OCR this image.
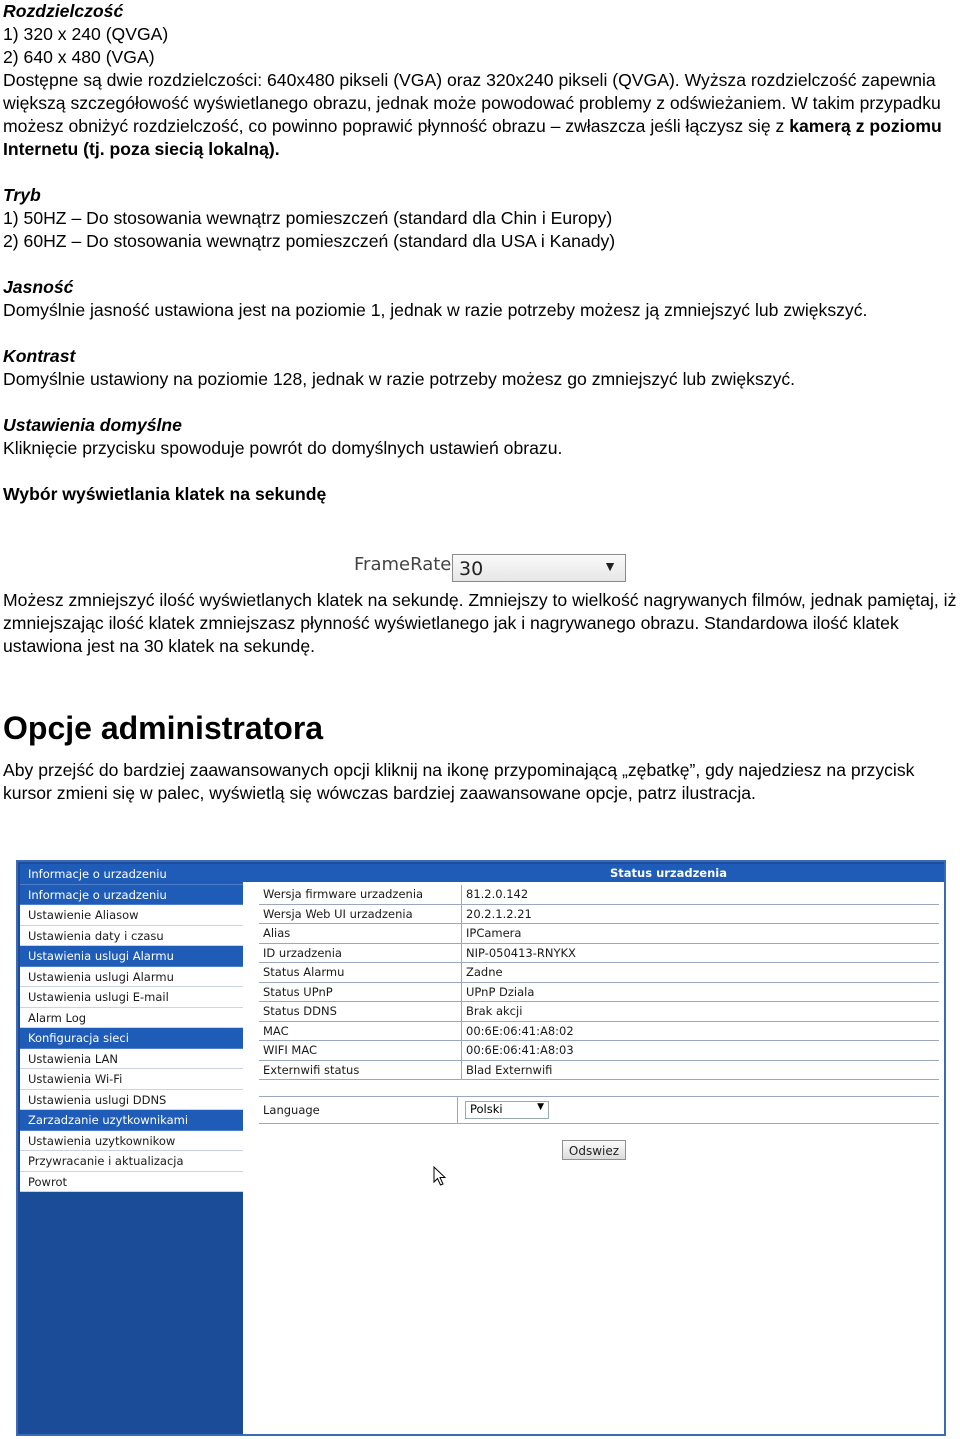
Rozdzielczość

1) 320 x 240 (QVGA)

2) 640 x 480 (VGA)

Dostępne są dwie rozdzielczości: 640x480 pikseli (VGA) oraz 320x240 pikseli (QVGA). Wyższa rozdzielczość zapewnia większą szczegółowość wyświetlanego obrazu, jednak może powodować problemy z odświeżaniem. W takim przypadku możesz obniżyć rozdzielczość, co powinno poprawić płynność obrazu – zwłaszcza jeśli łączysz się z kamerą z poziomu Internetu (tj. poza siecią lokalną).

Tryb

1) 50HZ – Do stosowania wewnątrz pomieszczeń (standard dla Chin i Europy)

2) 60HZ – Do stosowania wewnątrz pomieszczeń (standard dla USA i Kanady)

Jasność

Domyślnie jasność ustawiona jest na poziomie 1, jednak w razie potrzeby możesz ją zmniejszyć lub zwiększyć.

Kontrast

Domyślnie ustawiony na poziomie 128, jednak w razie potrzeby możesz go zmniejszyć lub zwiększyć.

Ustawienia domyślne

Kliknięcie przycisku spowoduje powrót do domyślnych ustawień obrazu.

Wybór wyświetlania klatek na sekundę

Możesz zmniejszyć ilość wyświetlanych klatek na sekundę. Zmniejszy to wielkość nagrywanych filmów, jednak pamiętaj, iż zmniejszając ilość klatek zmniejszasz płynność wyświetlanego jak i nagrywanego obrazu. Standardowa ilość klatek ustawiona jest na 30 klatek na sekundę.

Opcje administratora

Aby przejść do bardziej zaawansowanych opcji kliknij na ikonę przypominającą „zębatkę”, gdy najedziesz na przycisk kursor zmieni się w palec, wyświetlą się wówczas bardziej zaawansowane opcje, patrz ilustracja.

FrameRate 30	▼
Informacje o urzadzeniu
Informacje o urzadzeniu
Ustawienie Aliasow
Ustawienia daty i czasu
Ustawienia uslugi Alarmu
Ustawienia uslugi Alarmu
Ustawienia uslugi E-mail
Alarm Log
Konfiguracja sieci
Ustawienia LAN
Ustawienia Wi-Fi
Ustawienia uslugi DDNS
Zarzadzanie uzytkownikami
Ustawienia uzytkownikow
Przywracanie i aktualizacja
Powrot
Status urzadzenia
Wersja firmware urzadzenia	81.2.0.142
Wersja Web UI urzadzenia	20.2.1.2.21
Alias	IPCamera
ID urzadzenia	NIP-050413-RNYKX
Status Alarmu	Zadne
Status UPnP	UPnP Dziala
Status DDNS	Brak akcji
MAC	00:6E:06:41:A8:02
WIFI MAC	00:6E:06:41:A8:03
Externwifi status	Blad Externwifi
Language	Polski	▼
Odswiez
